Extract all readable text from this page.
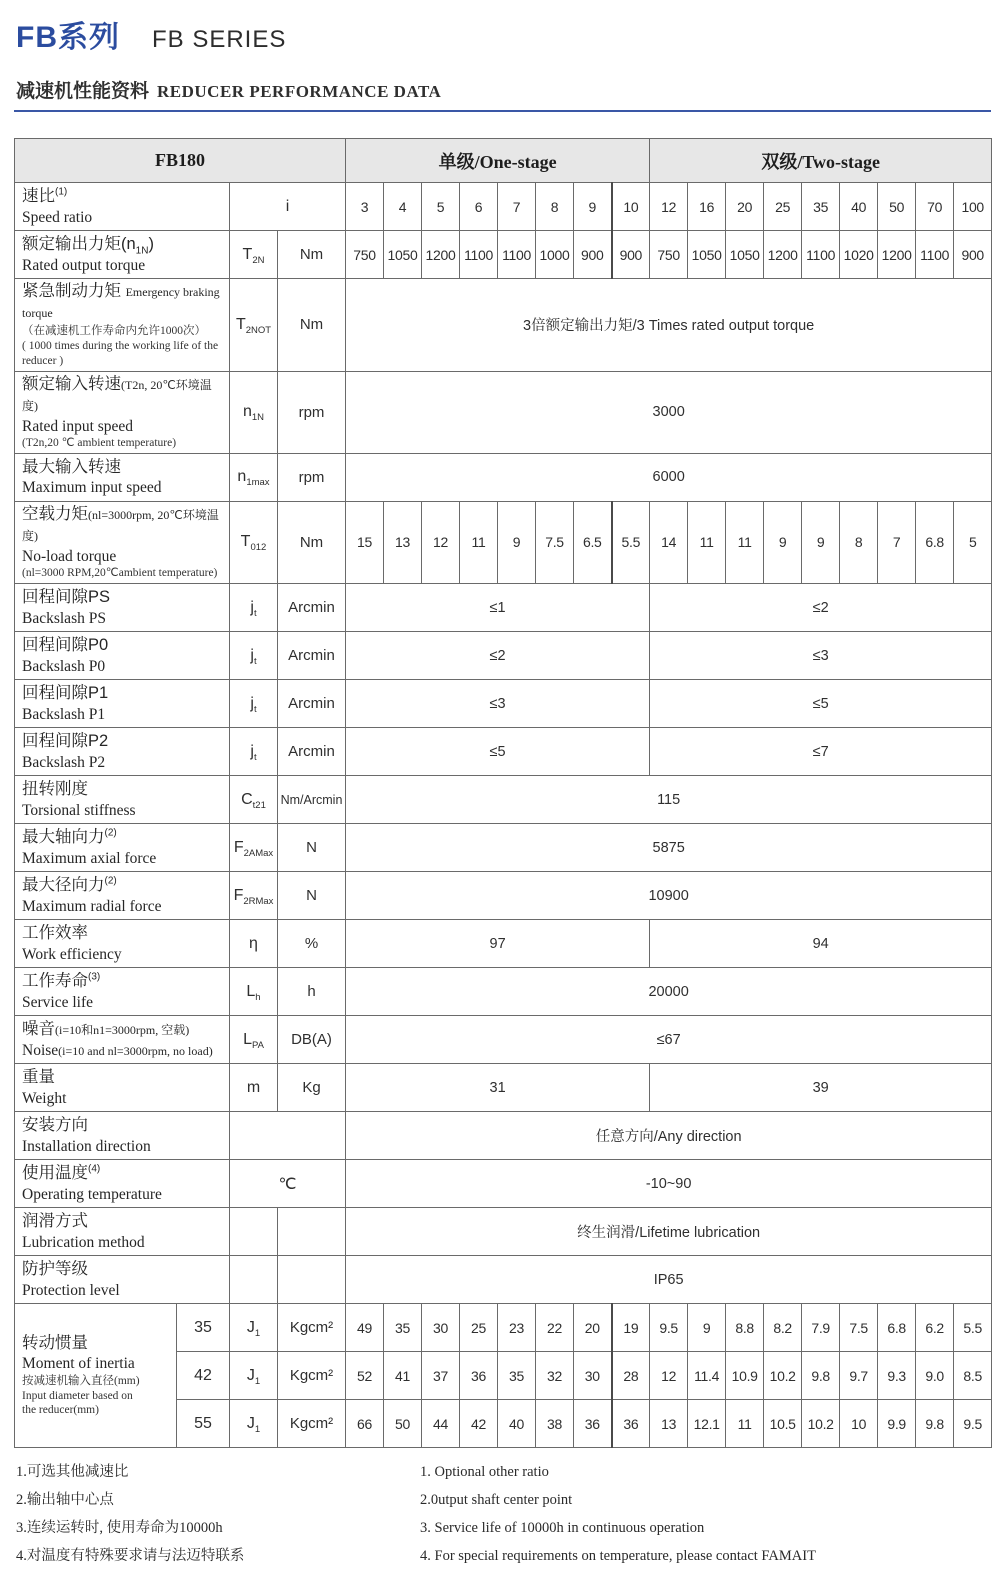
FB系列 FB SERIES
减速机性能资料 REDUCER PERFORMANCE DATA
FB180				单级/One-stage								双级/Two-stage								

速比$^{(1)}$
Speed ratio		i		3	4	5	6	7	8	9	10	12	16	20	25	35	40	50	70	100

额定输出力矩$(n_{1N})$
Rated output torque		$T_{2N}$	Nm	750	1050	1200	1100	1100	1000	900	900	750	1050	1050	1200	1100	1020	1200	1100	900

紧急制动力矩 Emergency braking torque
（在减速机工作寿命内允许1000次）
( 1000 times during the working life of the reducer )		$T_{2NOT}$	Nm	3倍额定输出力矩/3 Times rated output torque																

额定输入转速(T2n, 20℃环境温度)
Rated input speed
(T2n,20 ℃ ambient temperature)		$n_{1N}$	rpm	3000																

最大输入转速
Maximum input speed		$n_{1max}$	rpm	6000																

空载力矩(nl=3000rpm, 20℃环境温度)
No-load torque
(nl=3000 RPM,20℃ambient temperature)		$T_{012}$	Nm	15	13	12	11	9	7.5	6.5	5.5	14	11	11	9	9	8	7	6.8	5

回程间隙PS
Backslash PS		$j_t$	Arcmin	≤1								≤2								

回程间隙P0
Backslash P0		$j_t$	Arcmin	≤2								≤3								

回程间隙P1
Backslash P1		$j_t$	Arcmin	≤3								≤5								

回程间隙P2
Backslash P2		$j_t$	Arcmin	≤5								≤7								

扭转刚度
Torsional stiffness		$C_{t21}$	Nm/Arcmin	115																

最大轴向力$^{(2)}$
Maximum axial force		$F_{2AMax}$	N	5875																

最大径向力$^{(2)}$
Maximum radial force		$F_{2RMax}$	N	10900																

工作效率
Work efficiency		η	%	97								94								

工作寿命$^{(3)}$
Service life		$L_h$	h	20000																

噪音(i=10和n1=3000rpm, 空载)
Noise(i=10 and nl=3000rpm, no load)		$L_{PA}$	DB(A)	≤67																

重量
Weight		m	Kg	31								39								

安装方向
Installation direction				任意方向/Any direction																

使用温度$^{(4)}$
Operating temperature		℃		-10~90																

润滑方式
Lubrication method				终生润滑/Lifetime lubrication																

防护等级
Protection level				IP65																

转动惯量
Moment of inertia
按减速机输入直径(mm)
Input diameter based on
the reducer(mm)	35	$J_1$	Kgcm²	49	35	30	25	23	22	20	19	9.5	9	8.8	8.2	7.9	7.5	6.8	6.2	5.5
	42	$J_1$	Kgcm²	52	41	37	36	35	32	30	28	12	11.4	10.9	10.2	9.8	9.7	9.3	9.0	8.5
	55	$J_1$	Kgcm²	66	50	44	42	40	38	36	36	13	12.1	11	10.5	10.2	10	9.9	9.8	9.5
1.可选其他减速比
2.输出轴中心点
3.连续运转时, 使用寿命为10000h
4.对温度有特殊要求请与法迈特联系
1. Optional other ratio
2.0utput shaft center point
3. Service life of 10000h in continuous operation
4. For special requirements on temperature, please contact FAMAIT
